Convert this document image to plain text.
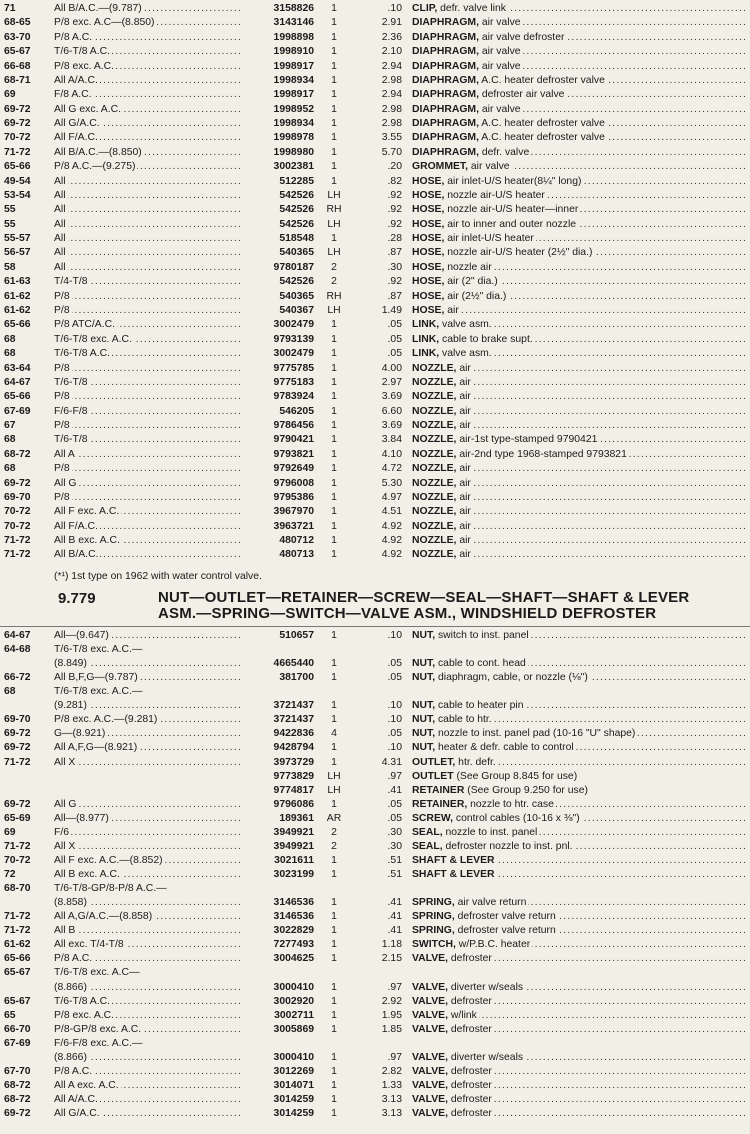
71	All B/A.C.—(9.787) .....	3158826	1	.10 CLIP, defr. valve link .....
68-65	P/8 exc. A.C—(8.850) .....	3143146	1	2.91 DIAPHRAGM, air valve .....
63-70	P/8 A.C. .....	1998898	1	2.36 DIAPHRAGM, air valve defroster .....
65-67	T/6-T/8 A.C. .....	1998910	1	2.10 DIAPHRAGM, air valve .....
66-68	P/8 exc. A.C. .....	1998917	1	2.94 DIAPHRAGM, air valve .....
68-71	All A/A.C. .....	1998934	1	2.98 DIAPHRAGM, A.C. heater defroster valve .....
69	F/8 A.C. .....	1998917	1	2.94 DIAPHRAGM, defroster air valve .....
69-72	All G exc. A.C. .....	1998952	1	2.98 DIAPHRAGM, air valve .....
69-72	All G/A.C. .....	1998934	1	2.98 DIAPHRAGM, A.C. heater defroster valve .....
70-72	All F/A.C. .....	1998978	1	3.55 DIAPHRAGM, A.C. heater defroster valve .....
71-72	All B/A.C.—(8.850) .....	1998980	1	5.70 DIAPHRAGM, defr. valve .....
65-66	P/8 A.C.—(9.275) .....	3002381	1	.20 GROMMET, air valve .....
49-54	All .....	512285	1	.82 HOSE, air inlet-U/S heater(8¼" long) .....
53-54	All .....	542526	LH	.92 HOSE, nozzle air-U/S heater .....
55	All .....	542526	RH	.92 HOSE, nozzle air-U/S heater—inner .....
55	All .....	542526	LH	.92 HOSE, air to inner and outer nozzle .....
55-57	All .....	518548	1	.28 HOSE, air inlet-U/S heater .....
56-57	All .....	540365	LH	.87 HOSE, nozzle air-U/S heater (2½" dia.) .....
58	All .....	9780187	2	.30 HOSE, nozzle air .....
61-63	T/4-T/8 .....	542526	2	.92 HOSE, air (2" dia.) .....
61-62	P/8 .....	540365	RH	.87 HOSE, air (2½" dia.) .....
61-62	P/8 .....	540367	LH	1.49 HOSE, air .....
65-66	P/8 ATC/A.C. .....	3002479	1	.05 LINK, valve asm. .....
68	T/6-T/8 exc. A.C. .....	9793139	1	.05 LINK, cable to brake supt. .....
68	T/6-T/8 A.C. .....	3002479	1	.05 LINK, valve asm. .....
63-64	P/8 .....	9775785	1	4.00 NOZZLE, air .....
64-67	T/6-T/8 .....	9775183	1	2.97 NOZZLE, air .....
65-66	P/8 .....	9783924	1	3.69 NOZZLE, air .....
67-69	F/6-F/8 .....	546205	1	6.60 NOZZLE, air .....
67	P/8 .....	9786456	1	3.69 NOZZLE, air .....
68	T/6-T/8 .....	9790421	1	3.84 NOZZLE, air-1st type-stamped 9790421 .....
68-72	All A .....	9793821	1	4.10 NOZZLE, air-2nd type 1968-stamped 9793821 .....
68	P/8 .....	9792649	1	4.72 NOZZLE, air .....
69-72	All G .....	9796008	1	5.30 NOZZLE, air .....
69-70	P/8 .....	9795386	1	4.97 NOZZLE, air .....
70-72	All F exc. A.C. .....	3967970	1	4.51 NOZZLE, air .....
70-72	All F/A.C. .....	3963721	1	4.92 NOZZLE, air .....
71-72	All B exc. A.C. .....	480712	1	4.92 NOZZLE, air .....
71-72	All B/A.C. .....	480713	1	4.92 NOZZLE, air .....
(*¹) 1st type on 1962 with water control valve.
9.779	NUT—OUTLET—RETAINER—SCREW—SEAL—SHAFT—SHAFT & LEVER
ASM.—SPRING—SWITCH—VALVE ASM., WINDSHIELD DEFROSTER
64-67	All—(9.647) .....	510657	1	.10 NUT, switch to inst. panel .....
64-68	T/6-T/8 exc. A.C.—
(8.849) .....	4665440	1	.05 NUT, cable to cont. head .....
66-72	All B,F,G—(9.787) .....	381700	1	.05 NUT, diaphragm, cable, or nozzle (⅛") .....
68	T/6-T/8 exc. A.C.—
(9.281) .....	3721437	1	.10 NUT, cable to heater pin .....
69-70	P/8 exc. A.C.—(9.281) .....	3721437	1	.10 NUT, cable to htr. .....
69-72	G—(8.921) .....	9422836	4	.05 NUT, nozzle to inst. panel pad (10-16 "U" shape) .....
69-72	All A,F,G—(8.921) .....	9428794	1	.10 NUT, heater & defr. cable to control .....
71-72	All X .....	3973729	1	4.31 OUTLET, htr. defr. .....
9773829	LH	.97 OUTLET (See Group 8.845 for use)
9774817	LH	.41 RETAINER (See Group 9.250 for use)
69-72	All G .....	9796086	1	.05 RETAINER, nozzle to htr. case .....
65-69	All—(8.977) .....	189361	AR	.05 SCREW, control cables (10-16 x ⅜") .....
69	F/6 .....	3949921	2	.30 SEAL, nozzle to inst. panel .....
71-72	All X .....	3949921	2	.30 SEAL, defroster nozzle to inst. pnl. .....
70-72	All F exc. A.C.—(8.852) .....	3021611	1	.51 SHAFT & LEVER .....
72	All B exc. A.C. .....	3023199	1	.51 SHAFT & LEVER .....
68-70	T/6-T/8-GP/8-P/8 A.C.—
(8.858) .....	3146536	1	.41 SPRING, air valve return .....
71-72	All A,G/A.C.—(8.858) .....	3146536	1	.41 SPRING, defroster valve return .....
71-72	All B .....	3022829	1	.41 SPRING, defroster valve return .....
61-62	All exc. T/4-T/8 .....	7277493	1	1.18 SWITCH, w/P.B.C. heater .....
65-66	P/8 A.C. .....	3004625	1	2.15 VALVE, defroster .....
65-67	T/6-T/8 exc. A.C—
(8.866) .....	3000410	1	.97 VALVE, diverter w/seals .....
65-67	T/6-T/8 A.C. .....	3002920	1	2.92 VALVE, defroster .....
65	P/8 exc. A.C. .....	3002711	1	1.95 VALVE, w/link .....
66-70	P/8-GP/8 exc. A.C. .....	3005869	1	1.85 VALVE, defroster .....
67-69	F/6-F/8 exc. A.C.—
(8.866) .....	3000410	1	.97 VALVE, diverter w/seals .....
67-70	P/8 A.C. .....	3012269	1	2.82 VALVE, defroster .....
68-72	All A exc. A.C. .....	3014071	1	1.33 VALVE, defroster .....
68-72	All A/A.C. .....	3014259	1	3.13 VALVE, defroster .....
69-72	All G/A.C. .....	3014259	1	3.13 VALVE, defroster .....
